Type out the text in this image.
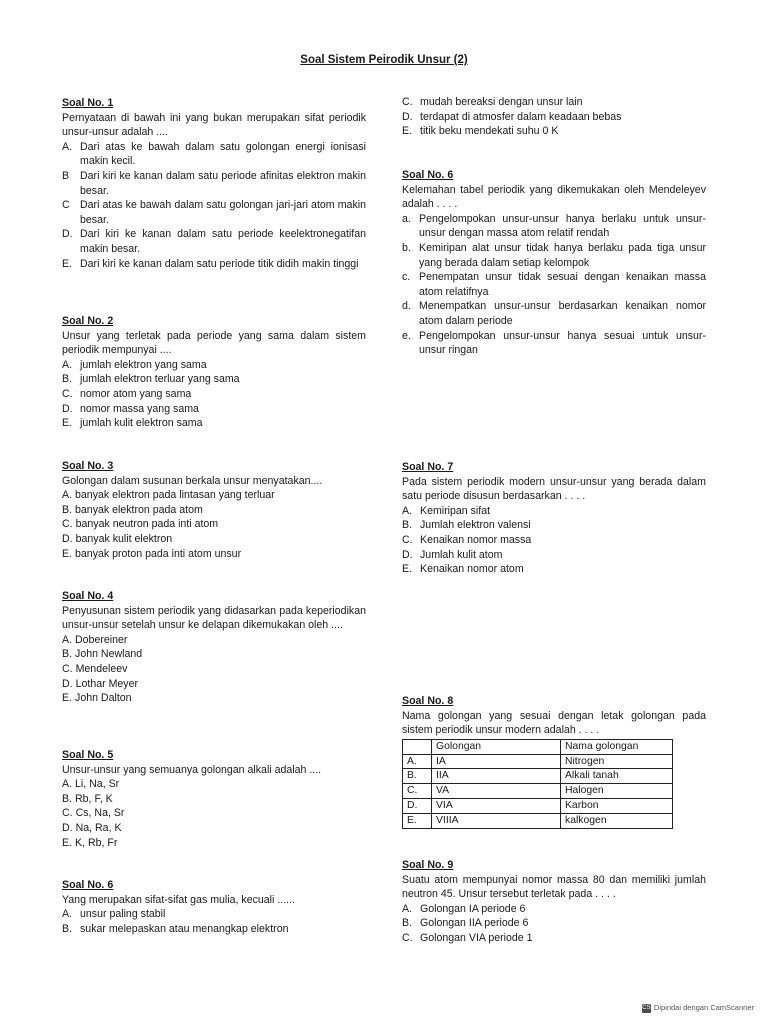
Soal Sistem Peirodik Unsur (2)
Soal No. 1
Pernyataan di bawah ini yang bukan merupakan sifat periodik unsur-unsur adalah ....
A. Dari atas ke bawah dalam satu golongan energi ionisasi makin kecil.
B	Dari kiri ke kanan dalam satu periode afinitas elektron makin besar.
C Dari atas ke bawah dalam satu golongan jari-jari atom makin besar.
D. Dari kiri ke kanan dalam satu periode keelektronegatifan makin besar.
E. Dari kiri ke kanan dalam satu periode titik didih makin tinggi
Soal No. 2
Unsur yang terletak pada periode yang sama dalam sistem periodik mempunyai ....
A. jumlah elektron yang sama
B. jumlah elektron terluar yang sama
C. nomor atom yang sama
D. nomor massa yang sama
E. jumlah kulit elektron sama
Soal No. 3
Golongan dalam susunan berkala unsur menyatakan....
A. banyak elektron pada lintasan yang terluar
B. banyak elektron pada atom
C. banyak neutron pada inti atom
D. banyak kulit elektron
E. banyak proton pada inti atom unsur
Soal No. 4
Penyusunan sistem periodik yang didasarkan pada keperiodikan unsur-unsur setelah unsur ke delapan dikemukakan oleh ....
A. Dobereiner
B. John Newland
C. Mendeleev
D. Lothar Meyer
E. John Dalton
Soal No. 5
Unsur-unsur yang semuanya golongan alkali adalah ....
A. Li, Na, Sr
B. Rb, F, K
C. Cs, Na, Sr
D. Na, Ra, K
E. K, Rb, Fr
Soal No. 6
Yang merupakan sifat-sifat gas mulia, kecuali ......
A. unsur paling stabil
B. sukar melepaskan atau menangkap elektron
C. mudah bereaksi dengan unsur lain
D. terdapat di atmosfer dalam keadaan bebas
E. titik beku mendekati suhu 0 K
Soal No. 6
Kelemahan tabel periodik yang dikemukakan oleh Mendeleyev adalah . . . .
a. Pengelompokan unsur-unsur hanya berlaku untuk unsur-unsur dengan massa atom relatif rendah
b. Kemiripan alat unsur tidak hanya berlaku pada tiga unsur yang berada dalam setiap kelompok
c. Penempatan unsur tidak sesuai dengan kenaikan massa atom relatifnya
d. Menempatkan unsur-unsur berdasarkan kenaikan nomor atom dalam periode
e. Pengelompokan unsur-unsur hanya sesuai untuk unsur-unsur ringan
Soal No. 7
Pada sistem periodik modern unsur-unsur yang berada dalam satu periode disusun berdasarkan . . . .
A. Kemiripan sifat
B. Jumlah elektron valensi
C. Kenaikan nomor massa
D. Jumlah kulit atom
E. Kenaikan nomor atom
Soal No. 8
Nama golongan yang sesuai dengan letak golongan pada sistem periodik unsur modern adalah . . . .
	Golongan	Nama golongan
A.	IA	Nitrogen
B.	IIA	Alkali tanah
C.	VA	Halogen
D.	VIA	Karbon
E.	VIIIA	kalkogen
Soal No. 9
Suatu atom mempunyai nomor massa 80 dan memiliki jumlah neutron 45. Unsur tersebut terletak pada . . . .
A. Golongan IA periode 6
B. Golongan IIA periode 6
C. Golongan VIA periode 1
CS Dipindai dengan CamScanner
